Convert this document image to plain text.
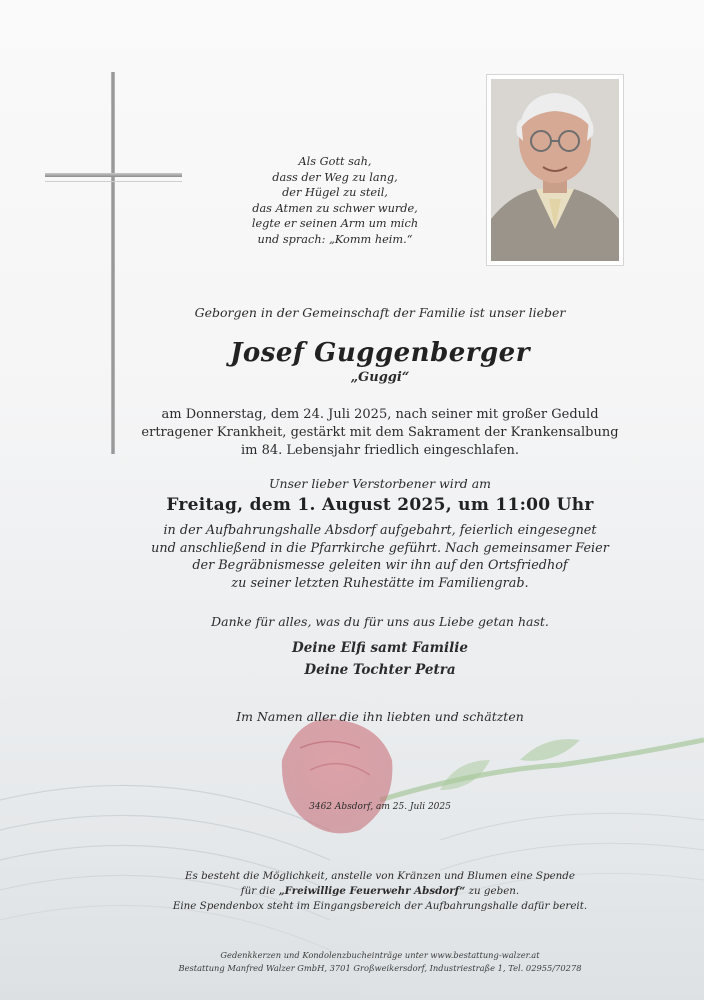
Als Gott sah,
dass der Weg zu lang,
der Hügel zu steil,
das Atmen zu schwer wurde,
legte er seinen Arm um mich
und sprach: „Komm heim.“
Geborgen in der Gemeinschaft der Familie ist unser lieber
Josef Guggenberger
„Guggi“
am Donnerstag, dem 24. Juli 2025, nach seiner mit großer Geduld
ertragener Krankheit, gestärkt mit dem Sakrament der Krankensalbung
im 84. Lebensjahr friedlich eingeschlafen.
Unser lieber Verstorbener wird am
Freitag, dem 1. August 2025, um 11:00 Uhr
in der Aufbahrungshalle Absdorf aufgebahrt, feierlich eingesegnet
und anschließend in die Pfarrkirche geführt. Nach gemeinsamer Feier
der Begräbnismesse geleiten wir ihn auf den Ortsfriedhof
zu seiner letzten Ruhestätte im Familiengrab.
Danke für alles, was du für uns aus Liebe getan hast.
Deine Elfi samt Familie
Deine Tochter Petra
Im Namen aller die ihn liebten und schätzten
3462 Absdorf, am 25. Juli 2025
Es besteht die Möglichkeit, anstelle von Kränzen und Blumen eine Spende
für die „Freiwillige Feuerwehr Absdorf“ zu geben.
Eine Spendenbox steht im Eingangsbereich der Aufbahrungshalle dafür bereit.
Gedenkkerzen und Kondolenzbucheinträge unter www.bestattung-walzer.at
Bestattung Manfred Walzer GmbH, 3701 Großweikersdorf, Industriestraße 1, Tel. 02955/70278
